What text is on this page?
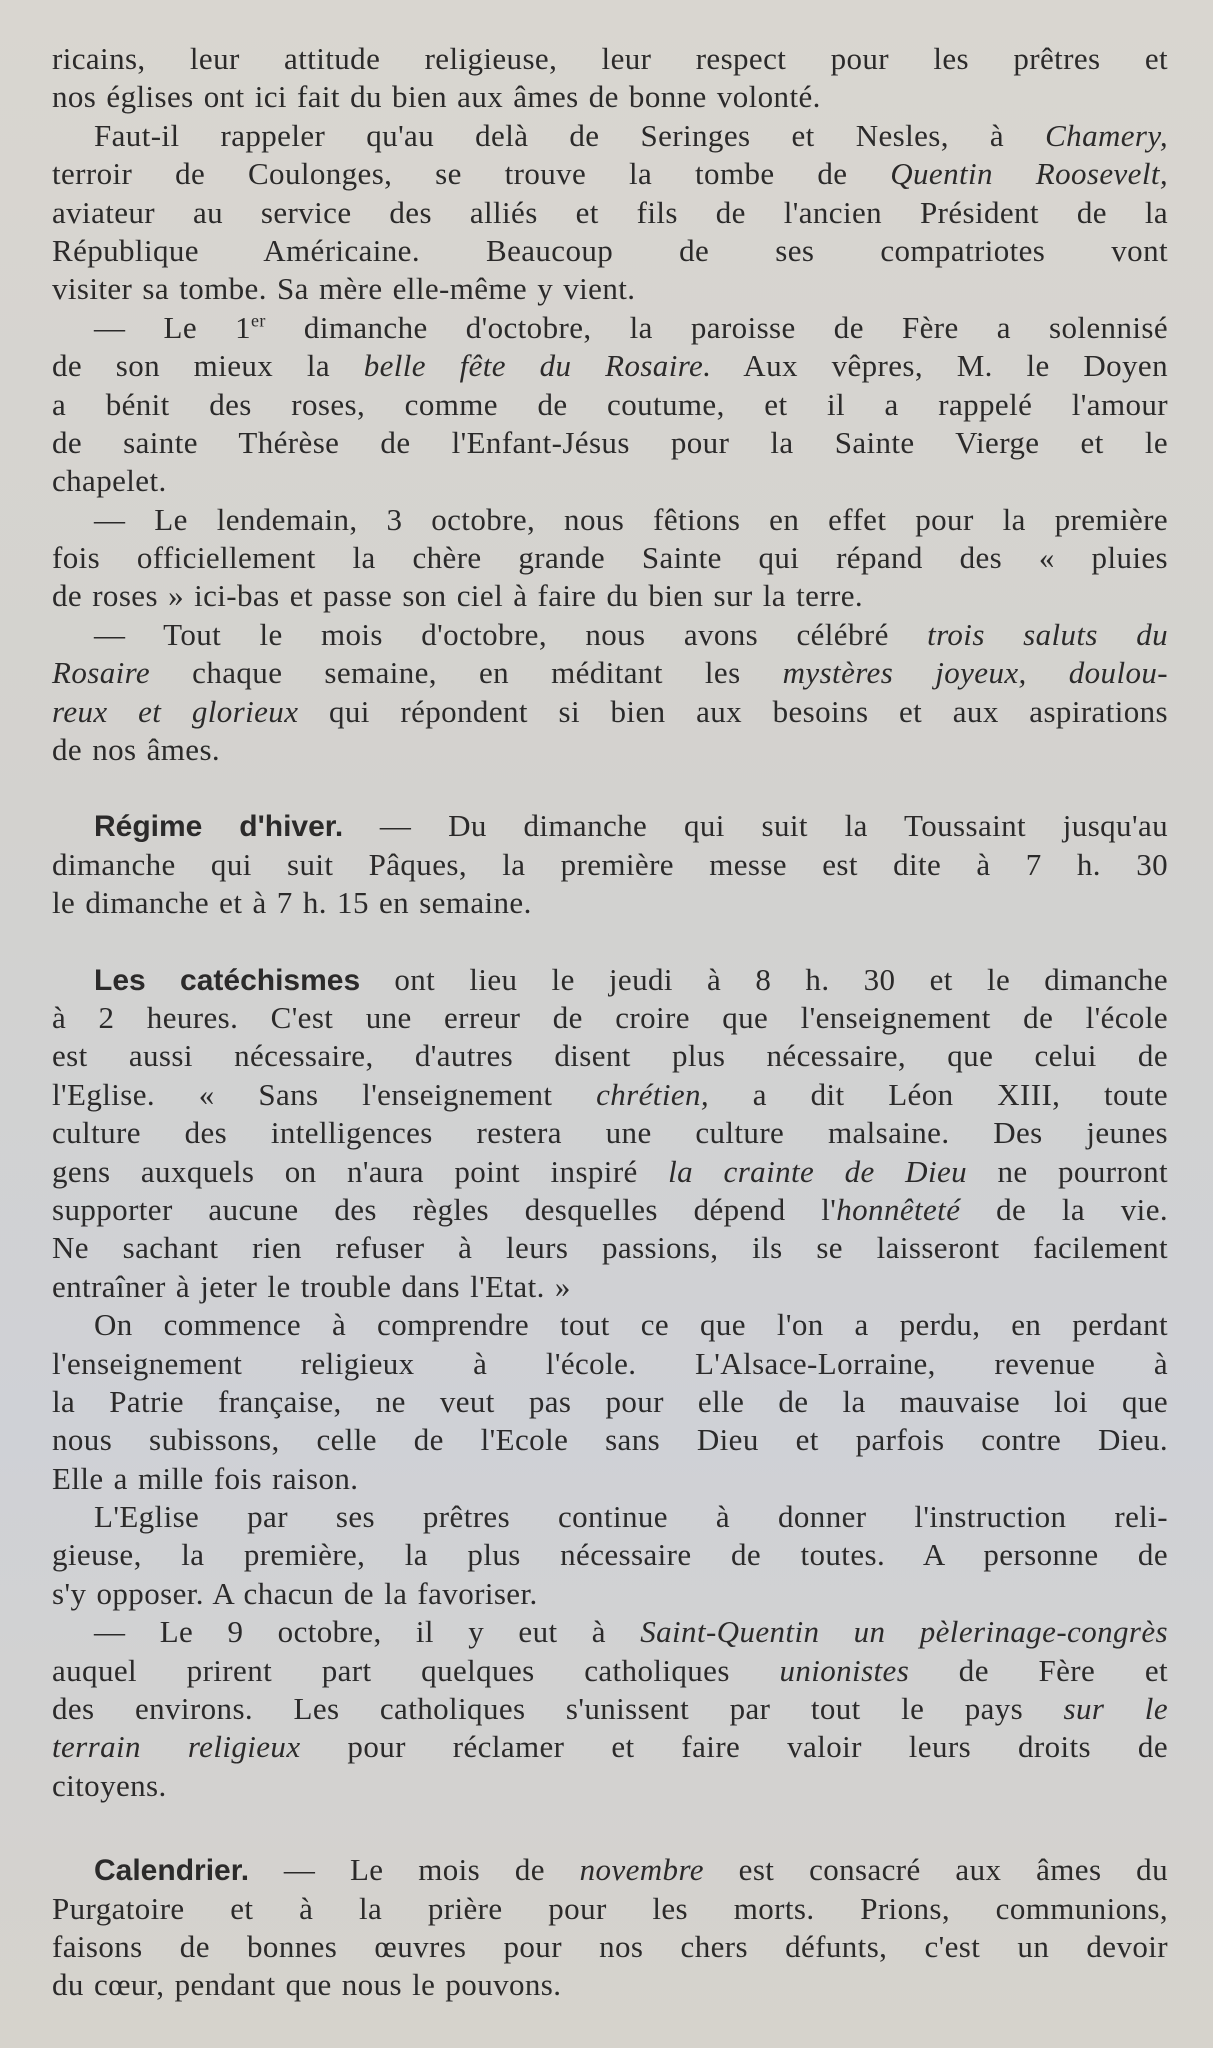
ricains, leur attitude religieuse, leur respect pour les prêtres et
nos églises ont ici fait du bien aux âmes de bonne volonté.
Faut-il rappeler qu'au delà de Seringes et Nesles, à Chamery,
terroir de Coulonges, se trouve la tombe de Quentin Roosevelt,
aviateur au service des alliés et fils de l'ancien Président de la
République Américaine. Beaucoup de ses compatriotes vont
visiter sa tombe. Sa mère elle-même y vient.
— Le 1er dimanche d'octobre, la paroisse de Fère a solennisé
de son mieux la belle fête du Rosaire. Aux vêpres, M. le Doyen
a bénit des roses, comme de coutume, et il a rappelé l'amour
de sainte Thérèse de l'Enfant-Jésus pour la Sainte Vierge et le
chapelet.
— Le lendemain, 3 octobre, nous fêtions en effet pour la première
fois officiellement la chère grande Sainte qui répand des « pluies
de roses » ici-bas et passe son ciel à faire du bien sur la terre.
— Tout le mois d'octobre, nous avons célébré trois saluts du
Rosaire chaque semaine, en méditant les mystères joyeux, doulou-
reux et glorieux qui répondent si bien aux besoins et aux aspirations
de nos âmes.
Régime d'hiver. — Du dimanche qui suit la Toussaint jusqu'au
dimanche qui suit Pâques, la première messe est dite à 7 h. 30
le dimanche et à 7 h. 15 en semaine.
Les catéchismes ont lieu le jeudi à 8 h. 30 et le dimanche
à 2 heures. C'est une erreur de croire que l'enseignement de l'école
est aussi nécessaire, d'autres disent plus nécessaire, que celui de
l'Eglise. « Sans l'enseignement chrétien, a dit Léon XIII, toute
culture des intelligences restera une culture malsaine. Des jeunes
gens auxquels on n'aura point inspiré la crainte de Dieu ne pourront
supporter aucune des règles desquelles dépend l'honnêteté de la vie.
Ne sachant rien refuser à leurs passions, ils se laisseront facilement
entraîner à jeter le trouble dans l'Etat. »
On commence à comprendre tout ce que l'on a perdu, en perdant
l'enseignement religieux à l'école. L'Alsace-Lorraine, revenue à
la Patrie française, ne veut pas pour elle de la mauvaise loi que
nous subissons, celle de l'Ecole sans Dieu et parfois contre Dieu.
Elle a mille fois raison.
L'Eglise par ses prêtres continue à donner l'instruction reli-
gieuse, la première, la plus nécessaire de toutes. A personne de
s'y opposer. A chacun de la favoriser.
— Le 9 octobre, il y eut à Saint-Quentin un pèlerinage-congrès
auquel prirent part quelques catholiques unionistes de Fère et
des environs. Les catholiques s'unissent par tout le pays sur le
terrain religieux pour réclamer et faire valoir leurs droits de
citoyens.
Calendrier. — Le mois de novembre est consacré aux âmes du
Purgatoire et à la prière pour les morts. Prions, communions,
faisons de bonnes œuvres pour nos chers défunts, c'est un devoir
du cœur, pendant que nous le pouvons.
